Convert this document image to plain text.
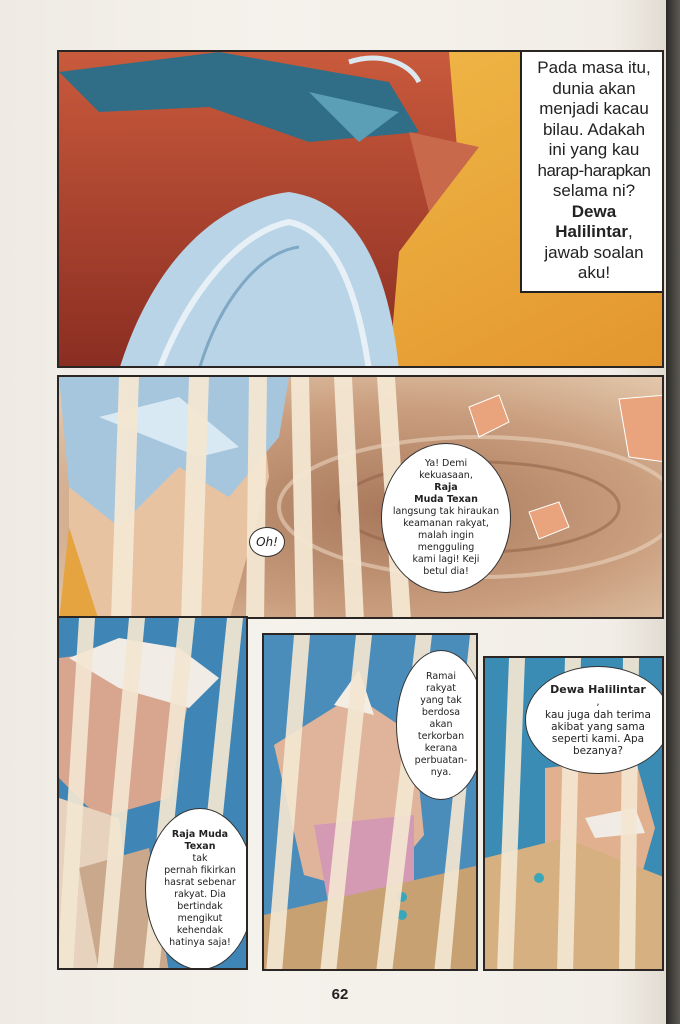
Pada masa itu,
dunia akan
menjadi kacau
bilau. Adakah
ini yang kau
harap-harapkan
selama ni?
Dewa
Halilintar,
jawab soalan
aku!
Oh!
Ya! Demi
kekuasaan,
Raja
Muda Texan
langsung tak hiraukan
keamanan rakyat,
malah ingin
mengguling
kami lagi! Keji
betul dia!
Raja Muda
Texan
tak
pernah fikirkan
hasrat sebenar
rakyat. Dia
bertindak
mengikut
kehendak
hatinya saja!
Ramai
rakyat
yang tak
berdosa
akan
terkorban
kerana
perbuatan-
nya.
Dewa Halilintar
,
kau juga dah terima
akibat yang sama
seperti kami. Apa
bezanya?
62
